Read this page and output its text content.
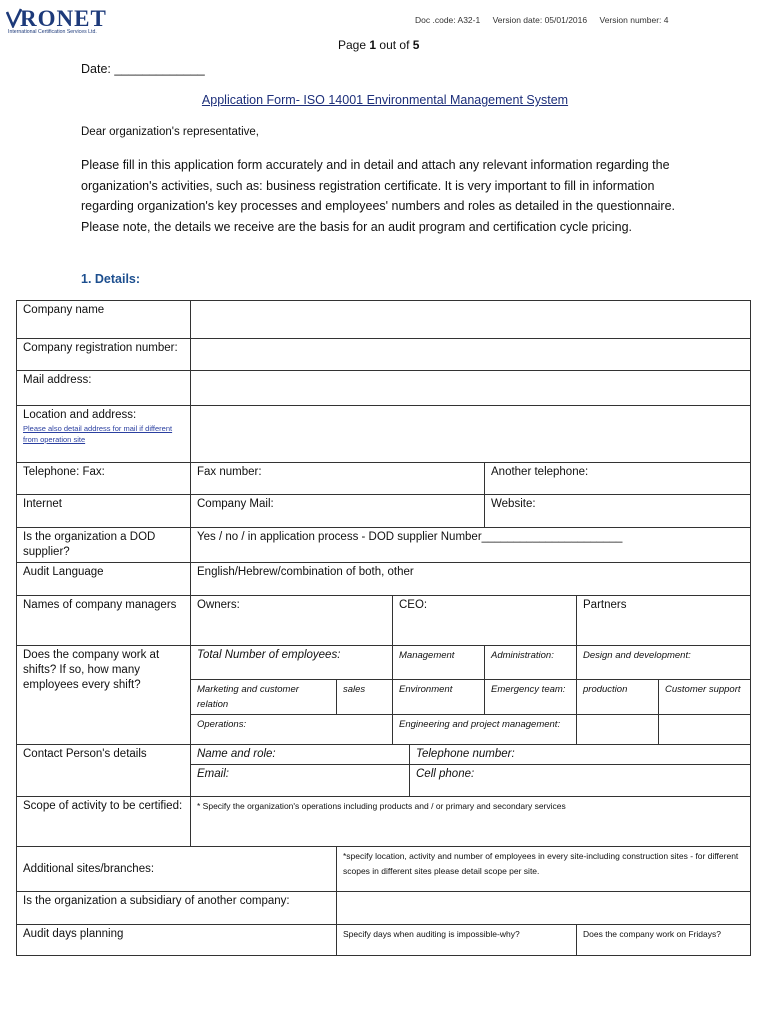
RONET
International Certification Services Ltd.
Doc .code: A32-1 Version date: 05/01/2016 Version number: 4
Page 1 out of 5
Date: _____________
Application Form- ISO 14001 Environmental Management System
Dear organization's representative,
Please fill in this application form accurately and in detail and attach any relevant information regarding the organization's activities, such as: business registration certificate. It is very important to fill in information regarding organization's key processes and employees' numbers and roles as detailed in the questionnaire. Please note, the details we receive are the basis for an audit program and certification cycle pricing.
1. Details:
Company name							
Company registration number:							
Mail address:							
Location and address:
Please also detail address for mail if different from operation site							

Telephone: Fax:	Fax number:				Another telephone:		
Internet	Company Mail:				Website:		
Is the organization a DOD supplier?	Yes / no / in application process - DOD supplier Number______________________						
Audit Language	English/Hebrew/combination of both, other						
Names of company managers	Owners:		CEO:			Partners	
Does the company work at shifts? If so, how many employees every shift?	Total Number of employees:		Management		Administration:	Design and development:	
	Marketing and customer relation	sales	Environment		Emergency team:	production	Customer support
	Operations:		Engineering and project management:				
Contact Person's details	Name and role:			Telephone number:			
	Email:			Cell phone:			
Scope of activity to be certified:	* Specify the organization's operations including products and / or primary and secondary services						
Additional sites/branches:		*specify location, activity and number of employees in every site-including construction sites - for different scopes in different sites please detail scope per site.					
Is the organization a subsidiary of another company:							
Audit days planning		Specify days when auditing is impossible-why?				Does the company work on Fridays?	
